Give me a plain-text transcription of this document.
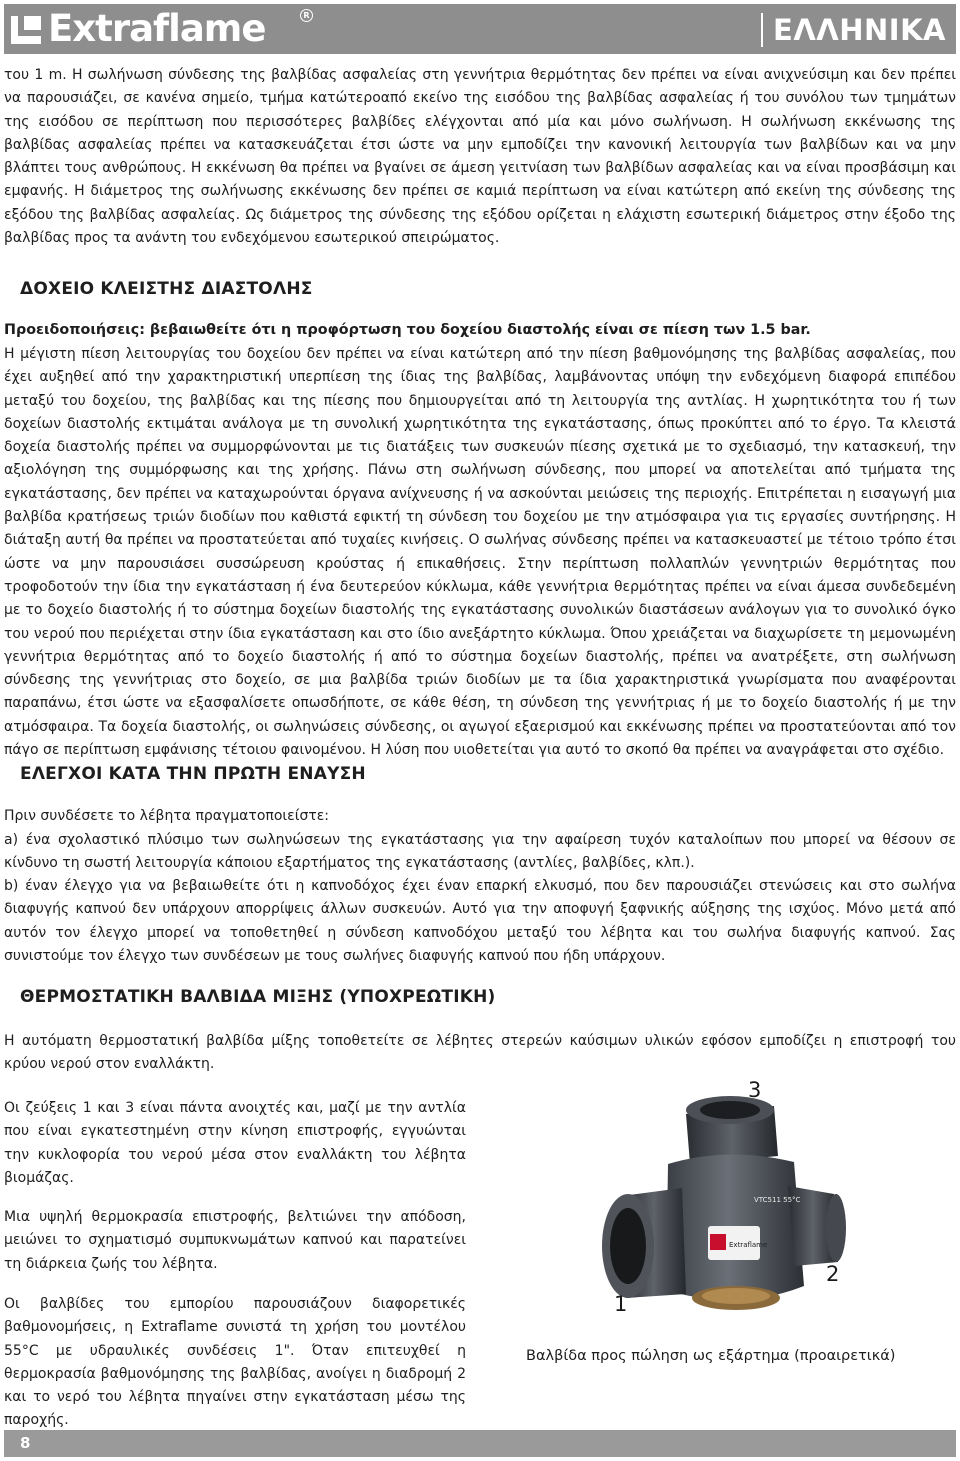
Extraflame	R	ΕΛΛΗΝΙΚΑ

του 1 m. Η σωλήνωση σύνδεσης της βαλβίδας ασφαλείας στη γεννήτρια θερμότητας δεν πρέπει να είναι ανιχνεύσιμη και δεν πρέπει να παρουσιάζει, σε κανένα σημείο, τμήμα κατώτεροαπό εκείνο της εισόδου της βαλβίδας ασφαλείας ή του συνόλου των τμημάτων της εισόδου σε περίπτωση που περισσότερες βαλβίδες ελέγχονται από μία και μόνο σωλήνωση. Η σωλήνωση εκκένωσης της βαλβίδας ασφαλείας πρέπει να κατασκευάζεται έτσι ώστε να μην εμποδίζει την κανονική λειτουργία των βαλβίδων και να μην βλάπτει τους ανθρώπους. Η εκκένωση θα πρέπει να βγαίνει σε άμεση γειτνίαση των βαλβίδων ασφαλείας και να είναι προσβάσιμη και εμφανής. Η διάμετρος της σωλήνωσης εκκένωσης δεν πρέπει σε καμιά περίπτωση να είναι κατώτερη από εκείνη της σύνδεσης της εξόδου της βαλβίδας ασφαλείας. Ως διάμετρος της σύνδεσης της εξόδου ορίζεται η ελάχιστη εσωτερική διάμετρος στην έξοδο της βαλβίδας προς τα ανάντη του ενδεχόμενου εσωτερικού σπειρώματος.

ΔΟΧΕΙΟ ΚΛΕΙΣΤΗΣ ΔΙΑΣΤΟΛΗΣ

Προειδοποιήσεις: βεβαιωθείτε ότι η προφόρτωση του δοχείου διαστολής είναι σε πίεση των 1.5 bar.

Η μέγιστη πίεση λειτουργίας του δοχείου δεν πρέπει να είναι κατώτερη από την πίεση βαθμονόμησης της βαλβίδας ασφαλείας, που έχει αυξηθεί από την χαρακτηριστική υπερπίεση της ίδιας της βαλβίδας, λαμβάνοντας υπόψη την ενδεχόμενη διαφορά επιπέδου μεταξύ του δοχείου, της βαλβίδας και της πίεσης που δημιουργείται από τη λειτουργία της αντλίας. Η χωρητικότητα του ή των δοχείων διαστολής εκτιμάται ανάλογα με τη συνολική χωρητικότητα της εγκατάστασης, όπως προκύπτει από το έργο. Τα κλειστά δοχεία διαστολής πρέπει να συμμορφώνονται με τις διατάξεις των συσκευών πίεσης σχετικά με το σχεδιασμό, την κατασκευή, την αξιολόγηση της συμμόρφωσης και της χρήσης. Πάνω στη σωλήνωση σύνδεσης, που μπορεί να αποτελείται από τμήματα της εγκατάστασης, δεν πρέπει να καταχωρούνται όργανα ανίχνευσης ή να ασκούνται μειώσεις της περιοχής. Επιτρέπεται η εισαγωγή μια βαλβίδα κρατήσεως τριών διοδίων που καθιστά εφικτή τη σύνδεση του δοχείου με την ατμόσφαιρα για τις εργασίες συντήρησης. Η διάταξη αυτή θα πρέπει να προστατεύεται από τυχαίες κινήσεις. Ο σωλήνας σύνδεσης πρέπει να κατασκευαστεί με τέτοιο τρόπο έτσι ώστε να μην παρουσιάσει συσσώρευση κρούστας ή επικαθήσεις. Στην περίπτωση πολλαπλών γεννητριών θερμότητας που τροφοδοτούν την ίδια την εγκατάσταση ή ένα δευτερεύον κύκλωμα, κάθε γεννήτρια θερμότητας πρέπει να είναι άμεσα συνδεδεμένη με το δοχείο διαστολής ή το σύστημα δοχείων διαστολής της εγκατάστασης συνολικών διαστάσεων ανάλογων για το συνολικό όγκο του νερού που περιέχεται στην ίδια εγκατάσταση και στο ίδιο ανεξάρτητο κύκλωμα. Όπου χρειάζεται να διαχωρίσετε τη μεμονωμένη γεννήτρια θερμότητας από το δοχείο διαστολής ή από το σύστημα δοχείων διαστολής, πρέπει να ανατρέξετε, στη σωλήνωση σύνδεσης της γεννήτριας στο δοχείο, σε μια βαλβίδα τριών διοδίων με τα ίδια χαρακτηριστικά γνωρίσματα που αναφέρονται παραπάνω, έτσι ώστε να εξασφαλίσετε οπωσδήποτε, σε κάθε θέση, τη σύνδεση της γεννήτριας ή με το δοχείο διαστολής ή με την ατμόσφαιρα. Τα δοχεία διαστολής, οι σωληνώσεις σύνδεσης, οι αγωγοί εξαερισμού και εκκένωσης πρέπει να προστατεύονται από τον πάγο σε περίπτωση εμφάνισης τέτοιου φαινομένου. Η λύση που υιοθετείται για αυτό το σκοπό θα πρέπει να αναγράφεται στο σχέδιο.

ΕΛΕΓΧΟΙ ΚΑΤΑ ΤΗΝ ΠΡΩΤΗ ΕΝΑΥΣΗ

Πριν συνδέσετε το λέβητα πραγματοποιείστε:

a) ένα σχολαστικό πλύσιμο των σωληνώσεων της εγκατάστασης για την αφαίρεση τυχόν καταλοίπων που μπορεί να θέσουν σε κίνδυνο τη σωστή λειτουργία κάποιου εξαρτήματος της εγκατάστασης (αντλίες, βαλβίδες, κλπ.).

b) έναν έλεγχο για να βεβαιωθείτε ότι η καπνοδόχος έχει έναν επαρκή ελκυσμό, που δεν παρουσιάζει στενώσεις και στο σωλήνα διαφυγής καπνού δεν υπάρχουν απορρίψεις άλλων συσκευών. Αυτό για την αποφυγή ξαφνικής αύξησης της ισχύος. Μόνο μετά από αυτόν τον έλεγχο μπορεί να τοποθετηθεί η σύνδεση καπνοδόχου μεταξύ του λέβητα και του σωλήνα διαφυγής καπνού. Σας συνιστούμε τον έλεγχο των συνδέσεων με τους σωλήνες διαφυγής καπνού που ήδη υπάρχουν.

ΘΕΡΜΟΣΤΑΤΙΚΗ ΒΑΛΒΙΔΑ ΜΙΞΗΣ (ΥΠΟΧΡΕΩΤΙΚΗ)

Η αυτόματη θερμοστατική βαλβίδα μίξης τοποθετείτε σε λέβητες στερεών καύσιμων υλικών εφόσον εμποδίζει η επιστροφή του κρύου νερού στον εναλλάκτη.

Οι ζεύξεις 1 και 3 είναι πάντα ανοιχτές και, μαζί με την αντλία που είναι εγκατεστημένη στην κίνηση επιστροφής, εγγυώνται την κυκλοφορία του νερού μέσα στον εναλλάκτη του λέβητα βιομάζας.

Μια υψηλή θερμοκρασία επιστροφής, βελτιώνει την απόδοση, μειώνει το σχηματισμό συμπυκνωμάτων καπνού και παρατείνει τη διάρκεια ζωής του λέβητα.

Οι βαλβίδες του εμπορίου παρουσιάζουν διαφορετικές βαθμονομήσεις, η Extraflame συνιστά τη χρήση του μοντέλου 55°C με υδραυλικές συνδέσεις 1". Όταν επιτευχθεί η θερμοκρασία βαθμονόμησης της βαλβίδας, ανοίγει η διαδρομή 2 και το νερό του λέβητα πηγαίνει στην εγκατάσταση μέσω της παροχής.

Extraflame
VTC511 55°C
3
2
1
Βαλβίδα προς πώληση ως εξάρτημα (προαιρετικά)
8
